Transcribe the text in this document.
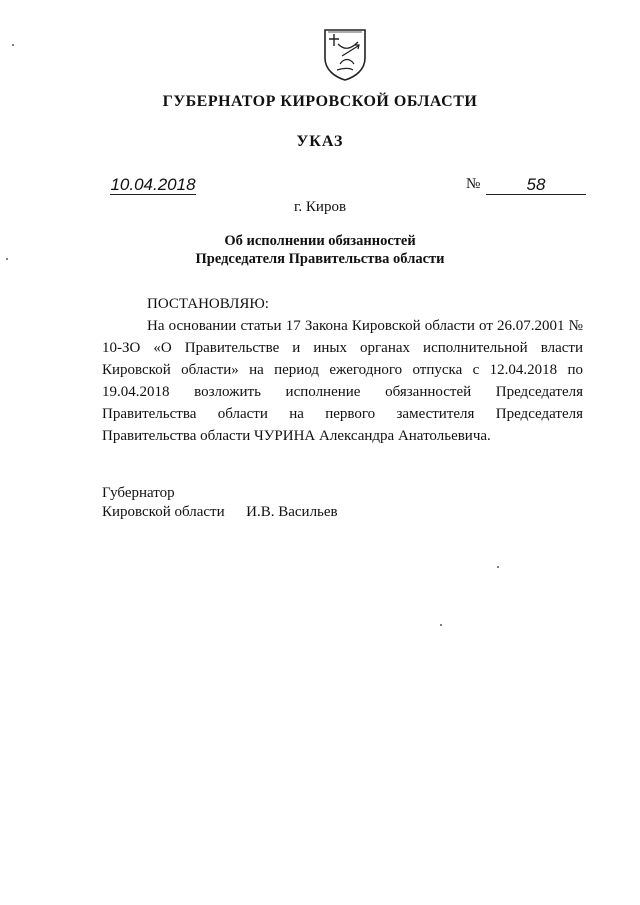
ГУБЕРНАТОР КИРОВСКОЙ ОБЛАСТИ
УКАЗ
10.04.2018	№	58
г. Киров
Об исполнении обязанностей
Председателя Правительства области
ПОСТАНОВЛЯЮ:
На основании статьи 17 Закона Кировской области от 26.07.2001 № 10-ЗО «О Правительстве и иных органах исполнительной власти Кировской области» на период ежегодного отпуска с 12.04.2018 по 19.04.2018 возложить исполнение обязанностей Председателя Правительства области на первого заместителя Председателя Правительства области ЧУРИНА Александра Анатольевича.
Губернатор
Кировской области И.В. Васильев
